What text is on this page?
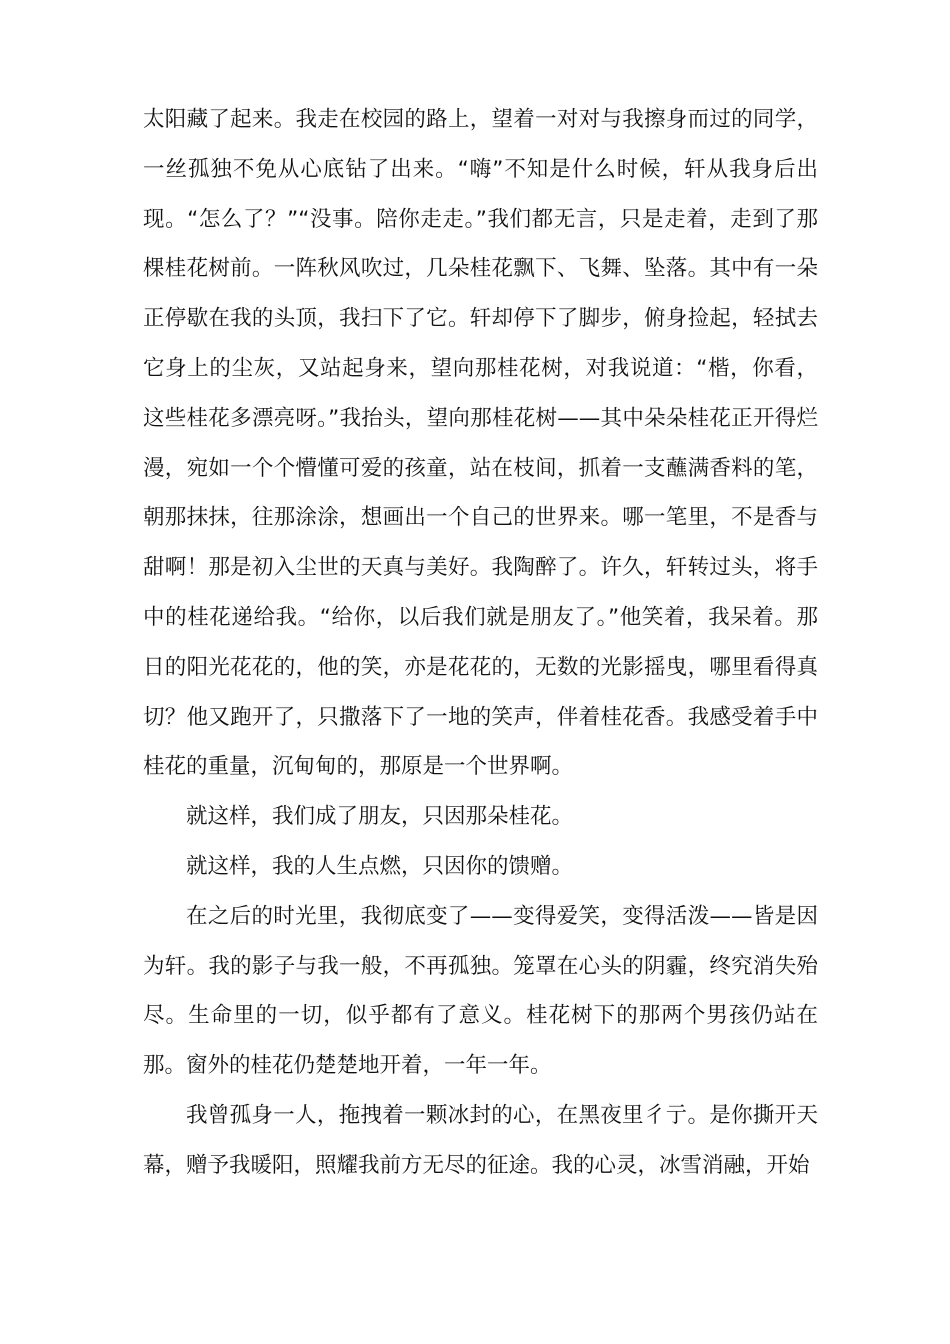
太阳藏了起来。我走在校园的路上，望着一对对与我擦身而过的同学，一丝孤独不免从心底钻了出来。“嗨”不知是什么时候，轩从我身后出现。“怎么了？”“没事。陪你走走。”我们都无言，只是走着，走到了那棵桂花树前。一阵秋风吹过，几朵桂花飘下、飞舞、坠落。其中有一朵正停歇在我的头顶，我扫下了它。轩却停下了脚步，俯身捡起，轻拭去它身上的尘灰，又站起身来，望向那桂花树，对我说道：“楷，你看，这些桂花多漂亮呀。”我抬头，望向那桂花树——其中朵朵桂花正开得烂漫，宛如一个个懵懂可爱的孩童，站在枝间，抓着一支蘸满香料的笔，朝那抹抹，往那涂涂，想画出一个自己的世界来。哪一笔里，不是香与甜啊！那是初入尘世的天真与美好。我陶醉了。许久，轩转过头，将手中的桂花递给我。“给你，以后我们就是朋友了。”他笑着，我呆着。那日的阳光花花的，他的笑，亦是花花的，无数的光影摇曳，哪里看得真切？他又跑开了，只撒落下了一地的笑声，伴着桂花香。我感受着手中桂花的重量，沉甸甸的，那原是一个世界啊。

就这样，我们成了朋友，只因那朵桂花。

就这样，我的人生点燃，只因你的馈赠。

在之后的时光里，我彻底变了——变得爱笑，变得活泼——皆是因为轩。我的影子与我一般，不再孤独。笼罩在心头的阴霾，终究消失殆尽。生命里的一切，似乎都有了意义。桂花树下的那两个男孩仍站在那。窗外的桂花仍楚楚地开着，一年一年。

我曾孤身一人，拖拽着一颗冰封的心，在黑夜里彳亍。是你撕开天幕，赠予我暖阳，照耀我前方无尽的征途。我的心灵，冰雪消融，开始
